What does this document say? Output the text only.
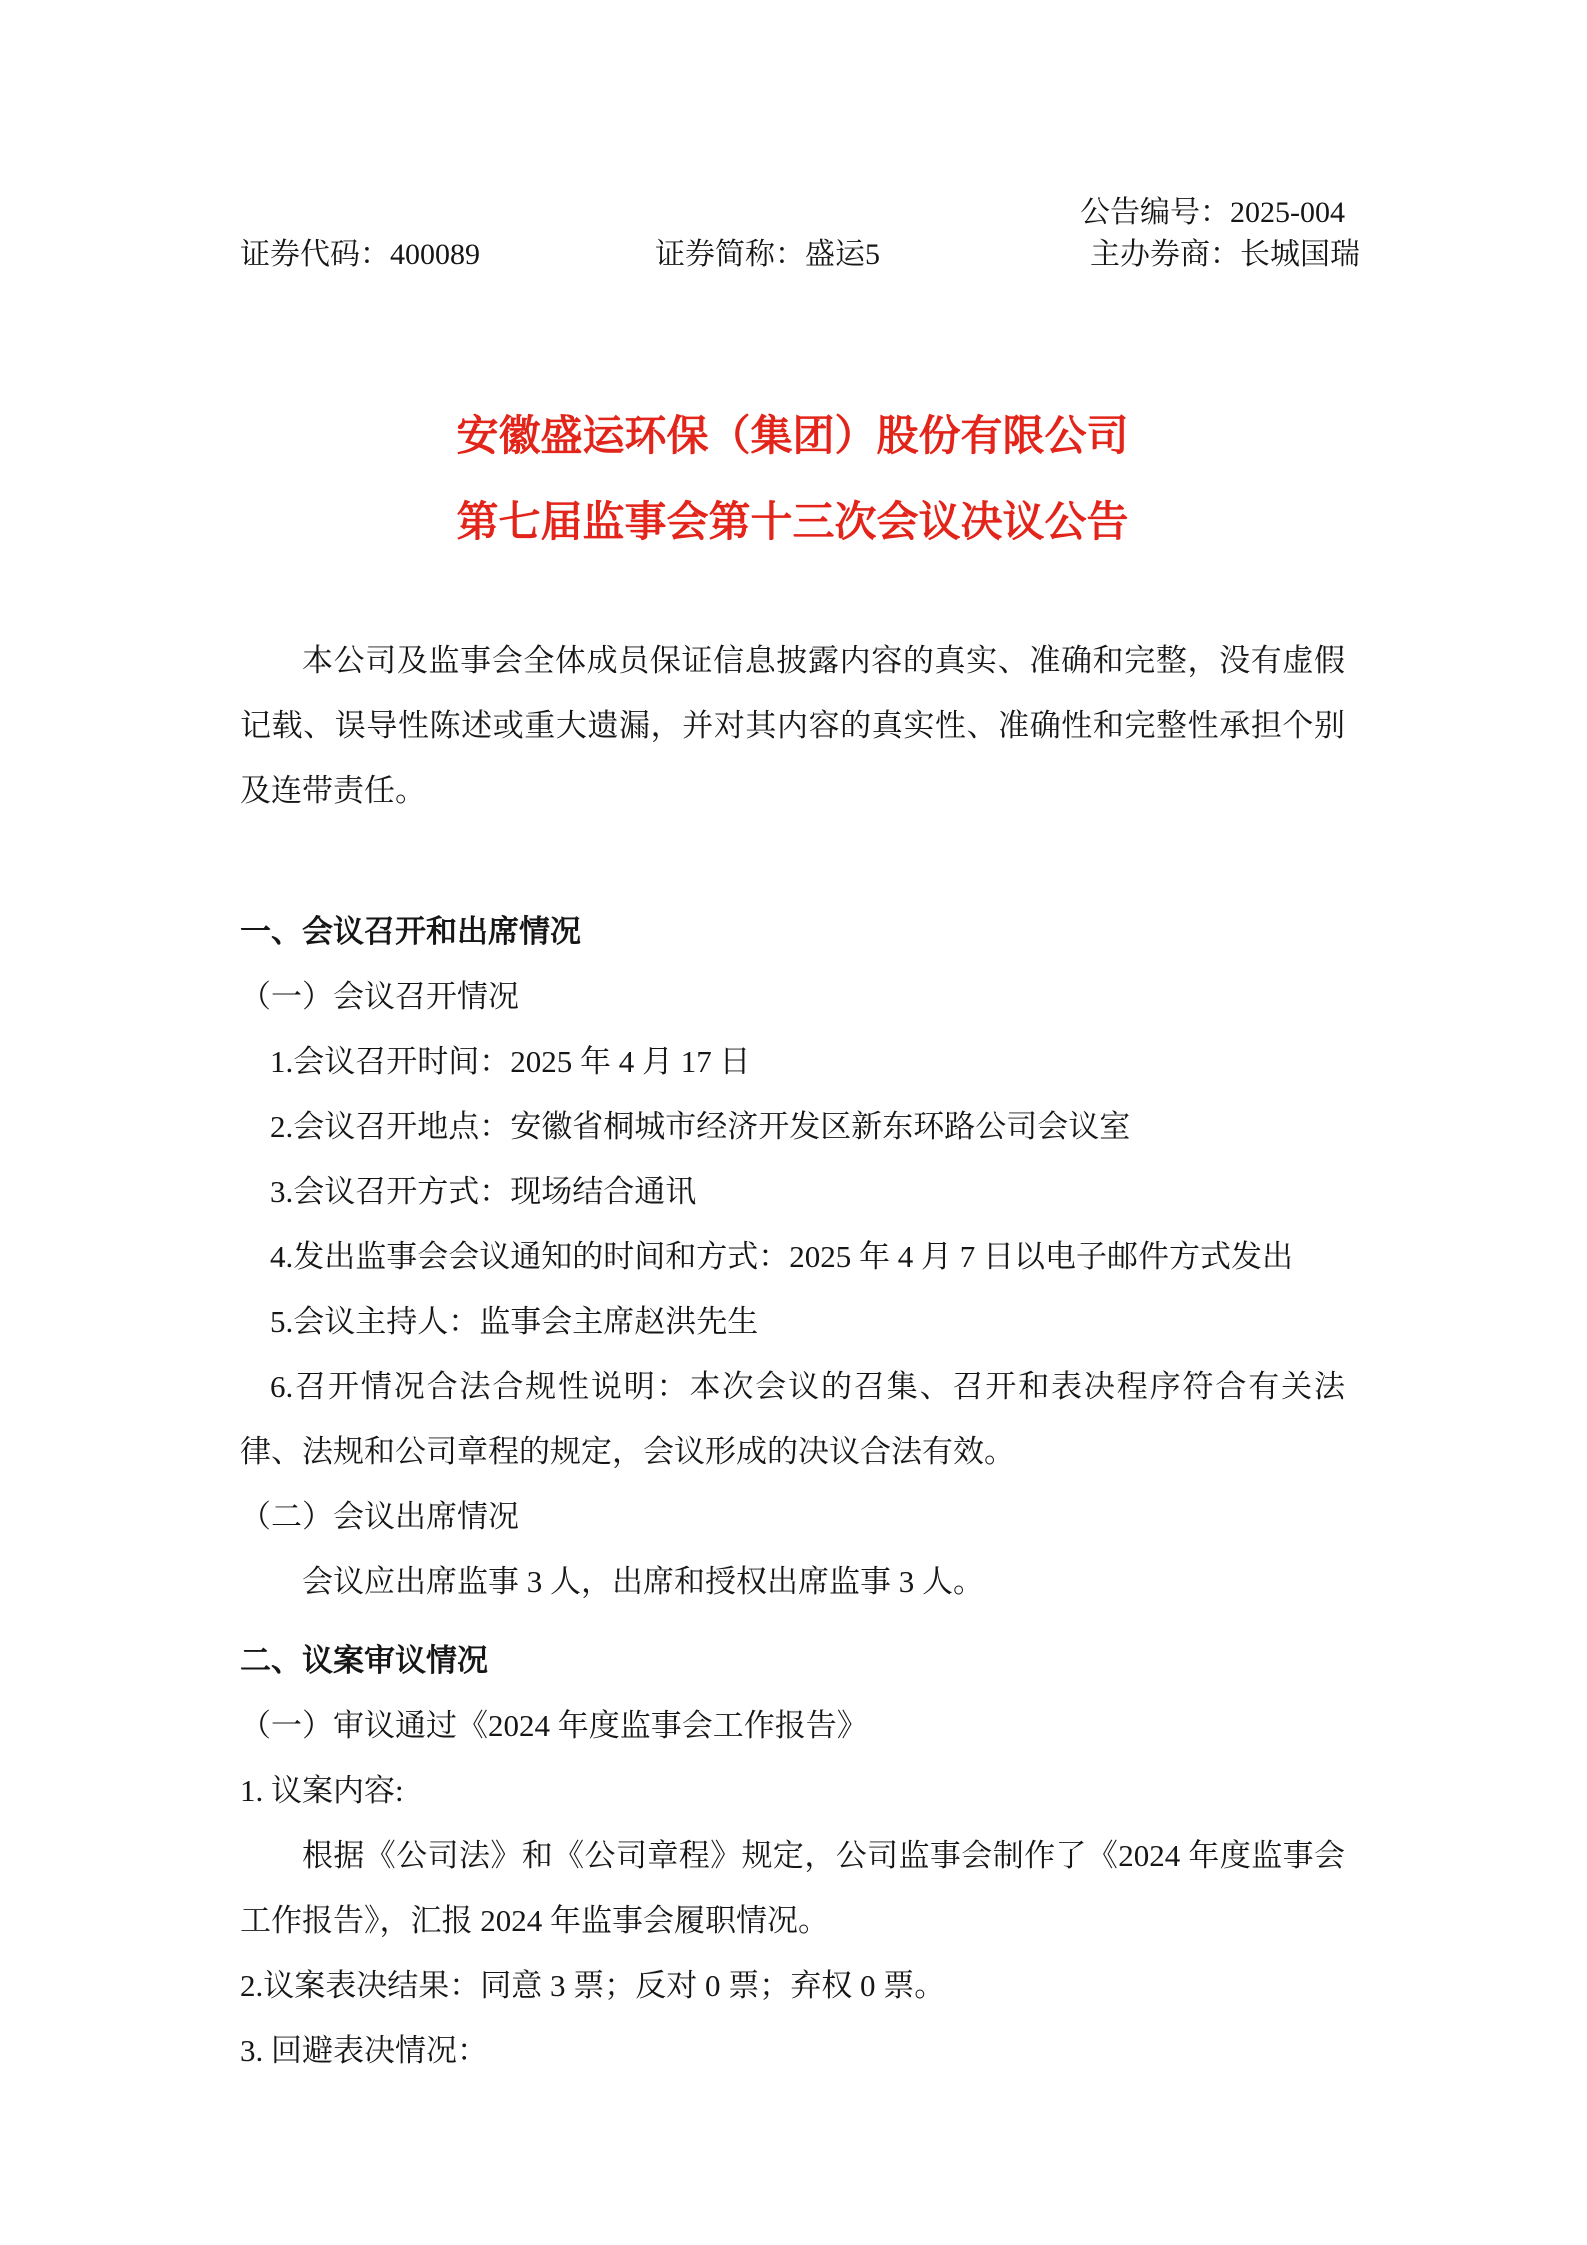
公告编号：2025-004
证券代码：400089	证券简称：盛运5	主办券商：长城国瑞
安徽盛运环保（集团）股份有限公司
第七届监事会第十三次会议决议公告

本公司及监事会全体成员保证信息披露内容的真实、准确和完整，没有虚假记载、误导性陈述或重大遗漏，并对其内容的真实性、准确性和完整性承担个别及连带责任。

一、会议召开和出席情况

（一）会议召开情况

1.会议召开时间：2025 年 4 月 17 日

2.会议召开地点：安徽省桐城市经济开发区新东环路公司会议室

3.会议召开方式：现场结合通讯

4.发出监事会会议通知的时间和方式：2025 年 4 月 7 日以电子邮件方式发出

5.会议主持人：监事会主席赵洪先生

6.召开情况合法合规性说明：本次会议的召集、召开和表决程序符合有关法律、法规和公司章程的规定，会议形成的决议合法有效。

（二）会议出席情况

会议应出席监事 3 人，出席和授权出席监事 3 人。

二、议案审议情况

（一）审议通过《2024 年度监事会工作报告》

1. 议案内容:

根据《公司法》和《公司章程》规定，公司监事会制作了《2024 年度监事会工作报告》，汇报 2024 年监事会履职情况。

2.议案表决结果：同意 3 票；反对 0 票；弃权 0 票。

3. 回避表决情况：
